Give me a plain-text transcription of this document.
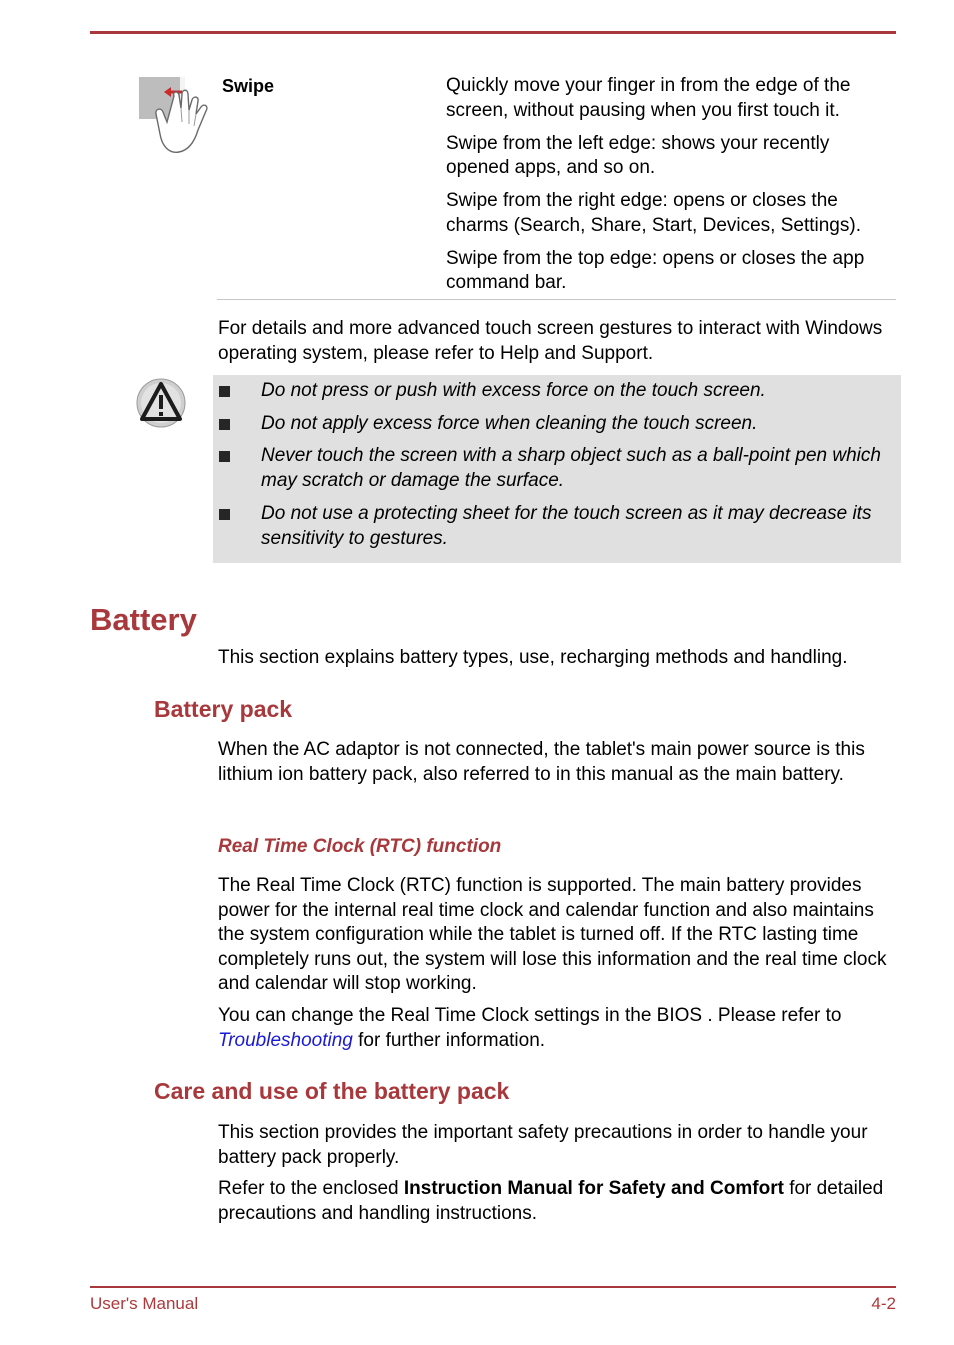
Swipe	Quickly move your finger in from the edge of the screen, without pausing when you first touch it.

Swipe from the left edge: shows your recently opened apps, and so on.

Swipe from the right edge: opens or closes the charms (Search, Share, Start, Devices, Settings).

Swipe from the top edge: opens or closes the app command bar.

For details and more advanced touch screen gestures to interact with Windows operating system, please refer to Help and Support.

Do not press or push with excess force on the touch screen.
Do not apply excess force when cleaning the touch screen.
Never touch the screen with a sharp object such as a ball-point pen which may scratch or damage the surface.
Do not use a protecting sheet for the touch screen as it may decrease its sensitivity to gestures.
Battery

This section explains battery types, use, recharging methods and handling.

Battery pack

When the AC adaptor is not connected, the tablet's main power source is this lithium ion battery pack, also referred to in this manual as the main battery.

Real Time Clock (RTC) function

The Real Time Clock (RTC) function is supported. The main battery provides power for the internal real time clock and calendar function and also maintains the system configuration while the tablet is turned off. If the RTC lasting time completely runs out, the system will lose this information and the real time clock and calendar will stop working.

You can change the Real Time Clock settings in the BIOS . Please refer to Troubleshooting for further information.

Care and use of the battery pack

This section provides the important safety precautions in order to handle your battery pack properly.

Refer to the enclosed Instruction Manual for Safety and Comfort for detailed precautions and handling instructions.

User's Manual	4-2
